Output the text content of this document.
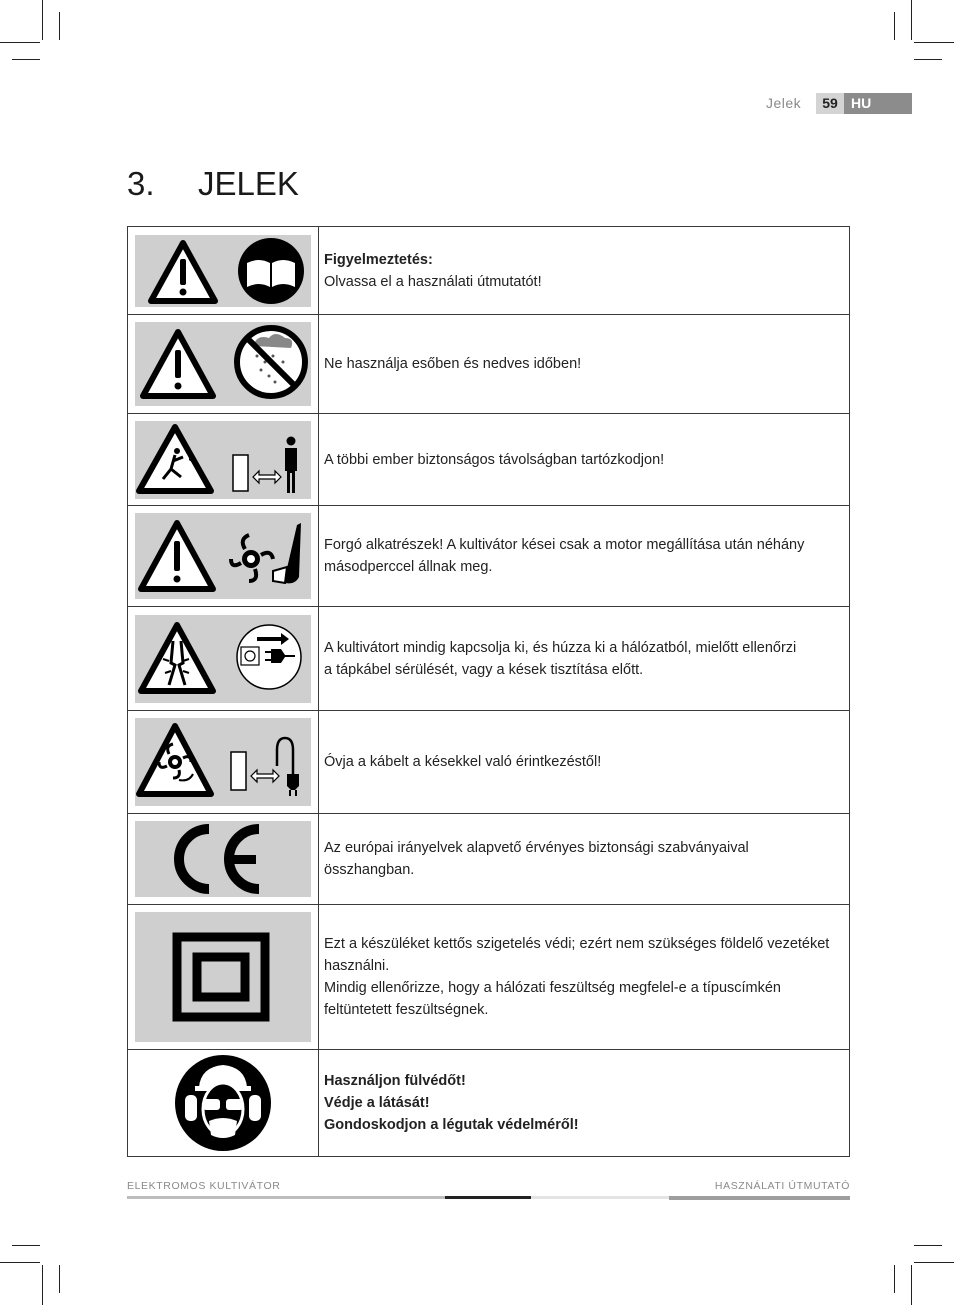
Jelek	59 HU
3. JELEK

Figyelmeztetés:
Olvassa el a használati útmutatót!

Ne használja esőben és nedves időben!

A többi ember biztonságos távolságban tartózkodjon!

Forgó alkatrészek! A kultivátor kései csak a motor megállítása után néhány másodperccel állnak meg.

A kultivátort mindig kapcsolja ki, és húzza ki a hálózatból, mielőtt ellenőrzi
a tápkábel sérülését, vagy a kések tisztítása előtt.

Óvja a kábelt a késekkel való érintkezéstől!

Az európai irányelvek alapvető érvényes biztonsági szabványaival összhangban.

Ezt a készüléket kettős szigetelés védi; ezért nem szükséges földelő vezetéket használni.
Mindig ellenőrizze, hogy a hálózati feszültség megfelel-e a típuscímkén feltüntetett feszültségnek.

Használjon fülvédőt!
Védje a látását!
Gondoskodjon a légutak védelméről!
ELEKTROMOS KULTIVÁTOR	HASZNÁLATI ÚTMUTATÓ
